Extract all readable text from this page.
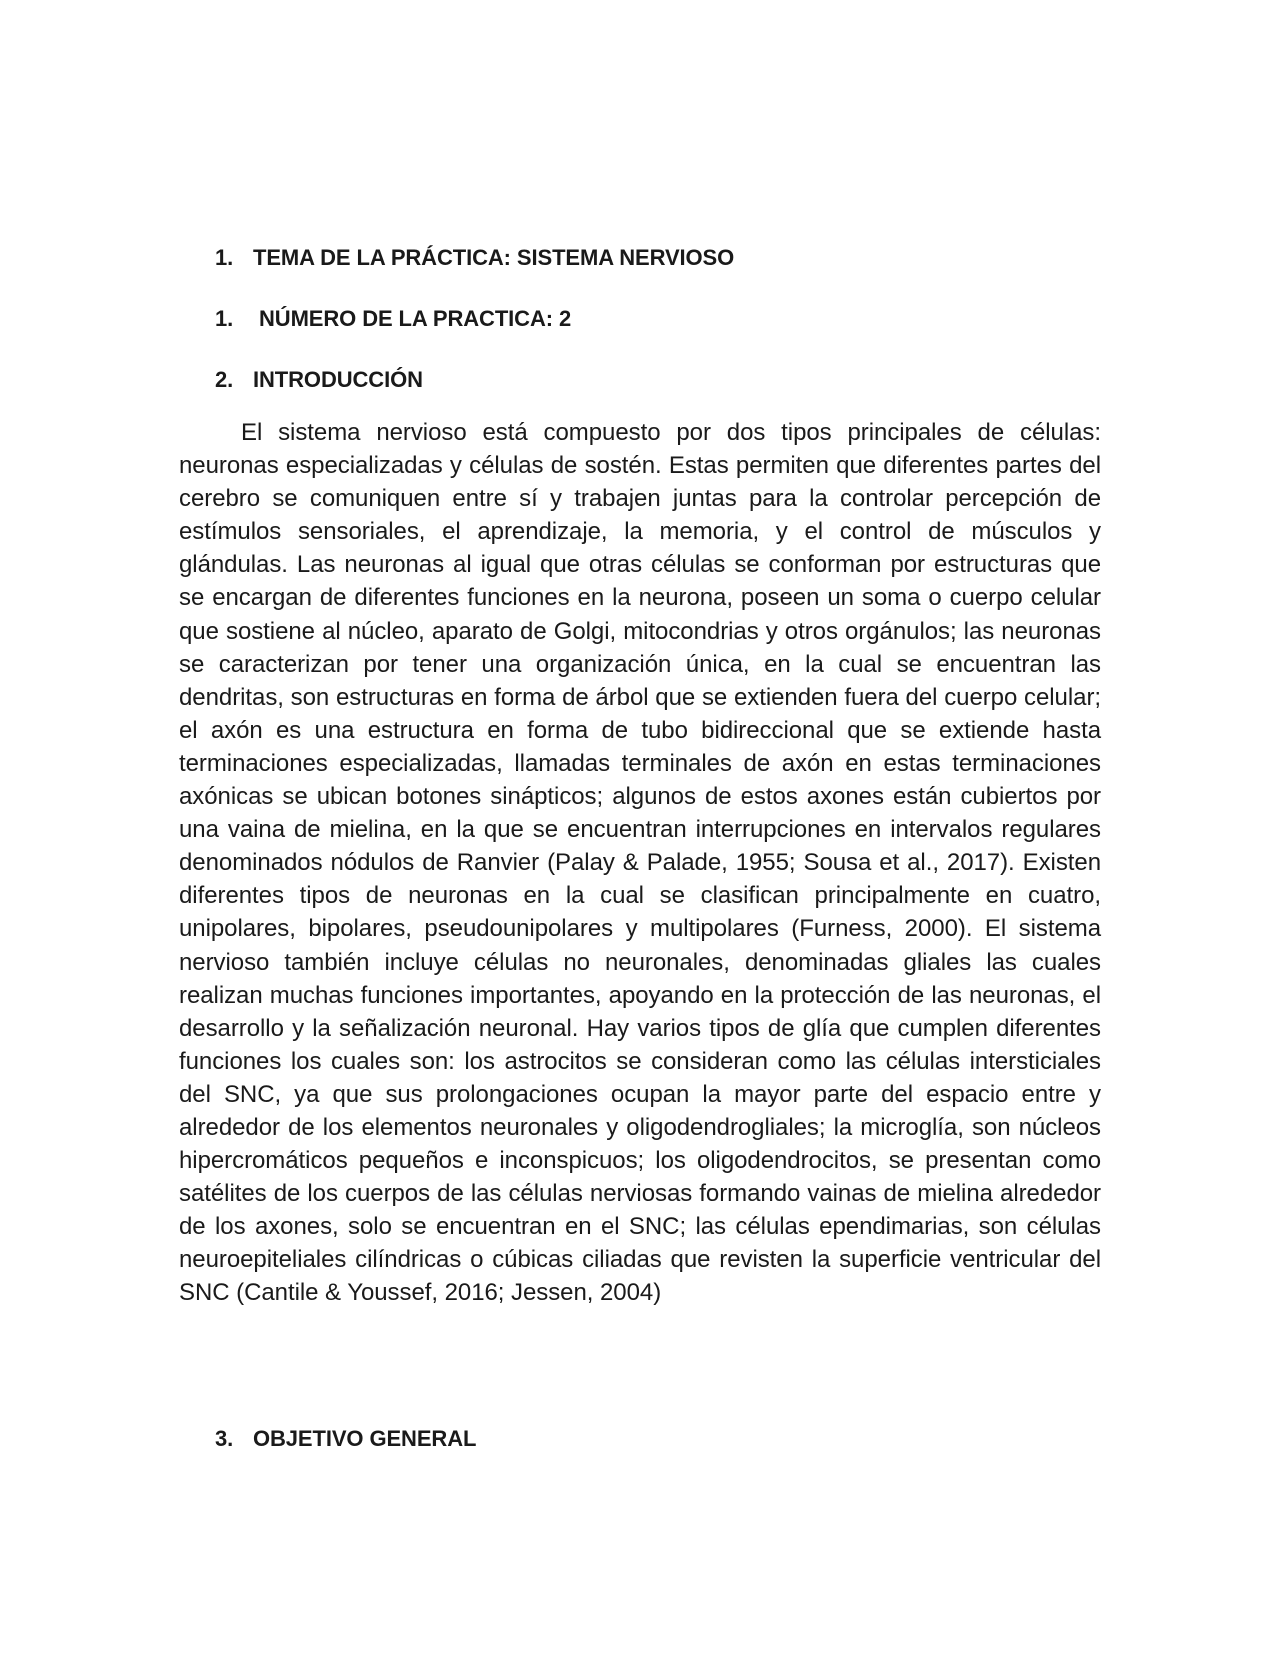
1. TEMA DE LA PRÁCTICA: SISTEMA NERVIOSO
1. NÚMERO DE LA PRACTICA: 2
2. INTRODUCCIÓN

El sistema nervioso está compuesto por dos tipos principales de células: neuronas especializadas y células de sostén. Estas permiten que diferentes partes del cerebro se comuniquen entre sí y trabajen juntas para la controlar percepción de estímulos sensoriales, el aprendizaje, la memoria, y el control de músculos y glándulas. Las neuronas al igual que otras células se conforman por estructuras que se encargan de diferentes funciones en la neurona, poseen un soma o cuerpo celular que sostiene al núcleo, aparato de Golgi, mitocondrias y otros orgánulos; las neuronas se caracterizan por tener una organización única, en la cual se encuentran las dendritas, son estructuras en forma de árbol que se extienden fuera del cuerpo celular; el axón es una estructura en forma de tubo bidireccional que se extiende hasta terminaciones especializadas, llamadas terminales de axón en estas terminaciones axónicas se ubican botones sinápticos; algunos de estos axones están cubiertos por una vaina de mielina, en la que se encuentran interrupciones en intervalos regulares denominados nódulos de Ranvier (Palay & Palade, 1955; Sousa et al., 2017). Existen diferentes tipos de neuronas en la cual se clasifican principalmente en cuatro, unipolares, bipolares, pseudounipolares y multipolares (Furness, 2000). El sistema nervioso también incluye células no neuronales, denominadas gliales las cuales realizan muchas funciones importantes, apoyando en la protección de las neuronas, el desarrollo y la señalización neuronal. Hay varios tipos de glía que cumplen diferentes funciones los cuales son: los astrocitos se consideran como las células intersticiales del SNC, ya que sus prolongaciones ocupan la mayor parte del espacio entre y alrededor de los elementos neuronales y oligodendrogliales; la microglía, son núcleos hipercromáticos pequeños e inconspicuos; los oligodendrocitos, se presentan como satélites de los cuerpos de las células nerviosas formando vainas de mielina alrededor de los axones, solo se encuentran en el SNC; las células ependimarias, son células neuroepiteliales cilíndricas o cúbicas ciliadas que revisten la superficie ventricular del SNC (Cantile & Youssef, 2016; Jessen, 2004)

3. OBJETIVO GENERAL
